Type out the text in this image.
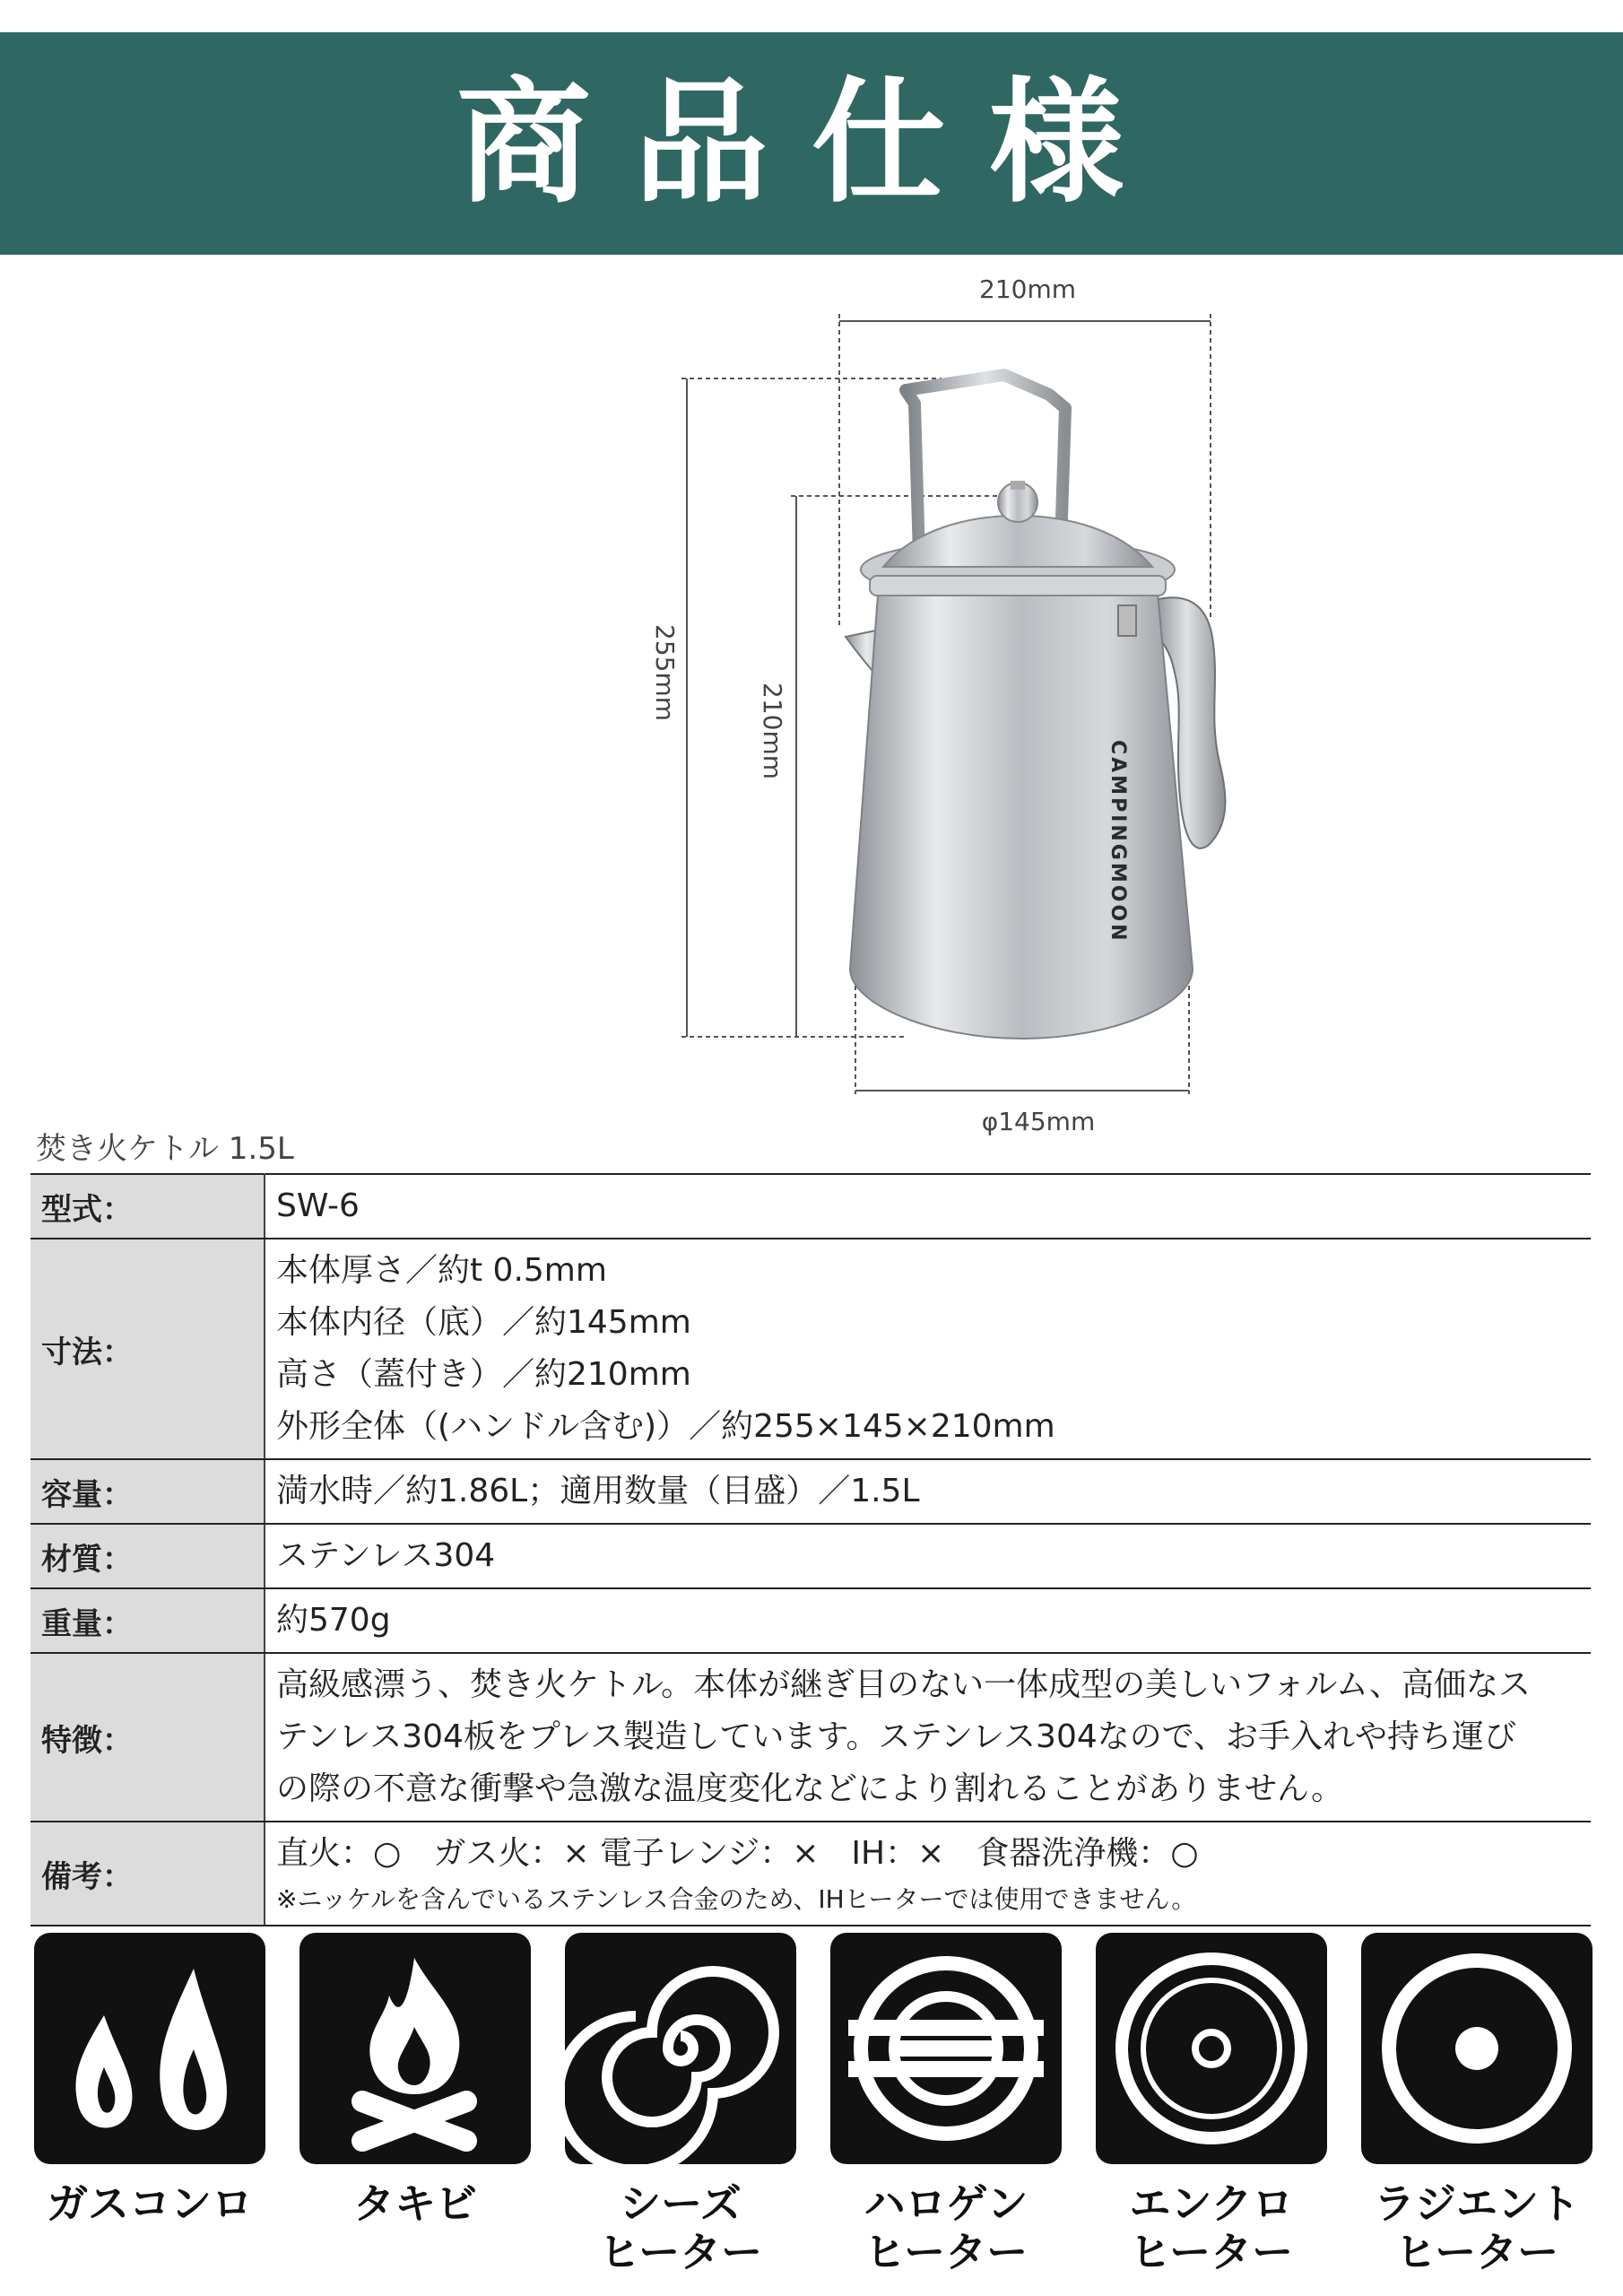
商品仕様
210mm
255mm
210mm
φ145mm
CAMPINGMOON
焚き火ケトル 1.5L
型式：	SW-6

寸法：	本体厚さ／約t 0.5mm
本体内径（底）／約145mm
高さ（蓋付き）／約210mm
外形全体（(ハンドル含む)）／約255×145×210mm

容量：	満水時／約1.86L；適用数量（目盛）／1.5L

材質：	ステンレス304

重量：	約570g

特徴：	高級感漂う、焚き火ケトル。本体が継ぎ目のない一体成型の美しいフォルム、高価なス
テンレス304板をプレス製造しています。ステンレス304なので、お手入れや持ち運び
の際の不意な衝撃や急激な温度変化などにより割れることがありません。

備考：	直火：○　ガス火：× 電子レンジ：×　IH：×　食器洗浄機：○
※ニッケルを含んでいるステンレス合金のため、IHヒーターでは使用できません。
ガスコンロ	タキビ	シーズ
ヒーター
ハロゲン
ヒーター
エンクロ
ヒーター
ラジエント
ヒーター
